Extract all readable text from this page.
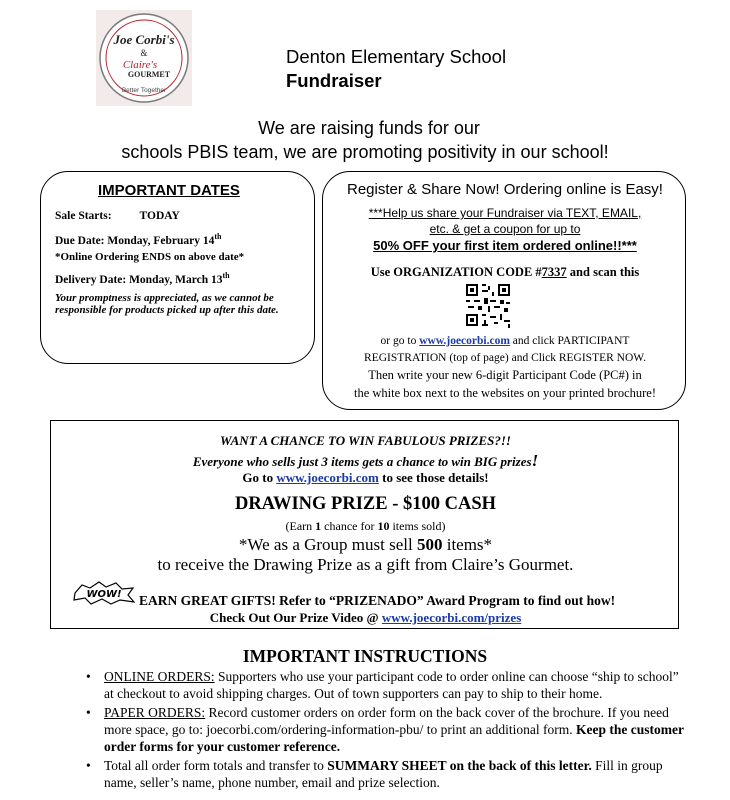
Joe Corbi's
&
Claire's
GOURMET
Better Together
Denton Elementary School
Fundraiser
We are raising funds for our
schools PBIS team, we are promoting positivity in our school!
IMPORTANT DATES
Sale Starts: TODAY
Due Date: Monday, February 14th
*Online Ordering ENDS on above date*
Delivery Date: Monday, March 13th
Your promptness is appreciated, as we cannot be responsible for products picked up after this date.
Register & Share Now! Ordering online is Easy!
***Help us share your Fundraiser via TEXT, EMAIL,
etc. & get a coupon for up to
50% OFF your first item ordered online!!***
Use ORGANIZATION CODE #7337 and scan this
or go to www.joecorbi.com and click PARTICIPANT
REGISTRATION (top of page) and Click REGISTER NOW.
Then write your new 6-digit Participant Code (PC#) in
the white box next to the websites on your printed brochure!
WANT A CHANCE TO WIN FABULOUS PRIZES?!!
Everyone who sells just 3 items gets a chance to win BIG prizes!
Go to www.joecorbi.com to see those details!
DRAWING PRIZE - $100 CASH
(Earn 1 chance for 10 items sold)
*We as a Group must sell 500 items*
to receive the Drawing Prize as a gift from Claire’s Gourmet.
WOW! EARN GREAT GIFTS! Refer to “PRIZENADO” Award Program to find out how!
Check Out Our Prize Video @ www.joecorbi.com/prizes
IMPORTANT INSTRUCTIONS
• ONLINE ORDERS: Supporters who use your participant code to order online can choose “ship to school” at checkout to avoid shipping charges. Out of town supporters can pay to ship to their home.
• PAPER ORDERS: Record customer orders on order form on the back cover of the brochure. If you need more space, go to: joecorbi.com/ordering-information-pbu/ to print an additional form. Keep the customer order forms for your customer reference.
• Total all order form totals and transfer to SUMMARY SHEET on the back of this letter. Fill in group name, seller’s name, phone number, email and prize selection.
